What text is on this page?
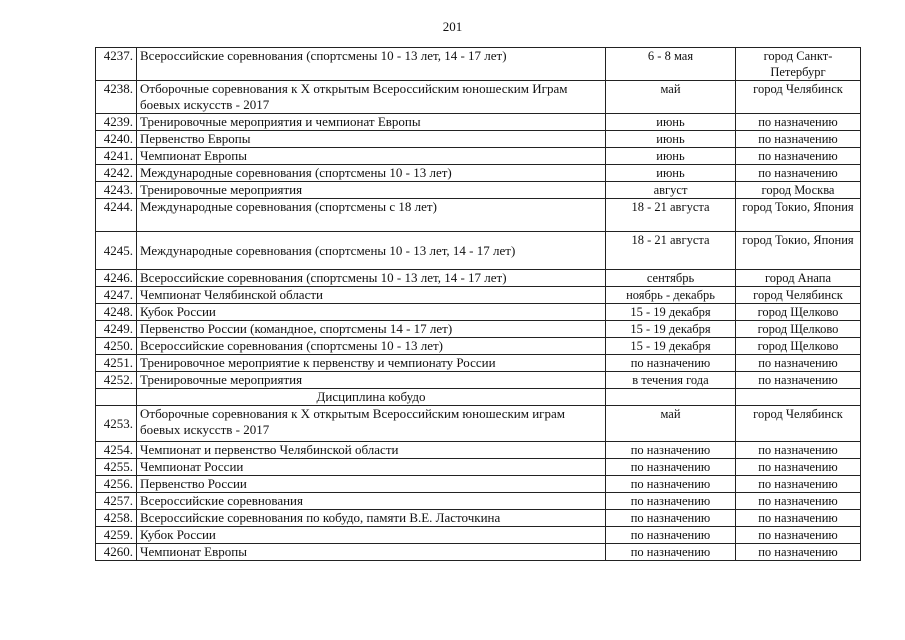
201
4237.	Всероссийские соревнования (спортсмены 10 - 13 лет, 14 - 17 лет)	6 - 8 мая	город Санкт-Петербург
4238.	Отборочные соревнования к X открытым Всероссийским юношеским Играм боевых искусств - 2017	май	город Челябинск
4239.	Тренировочные мероприятия и чемпионат Европы	июнь	по назначению
4240.	Первенство Европы	июнь	по назначению
4241.	Чемпионат Европы	июнь	по назначению
4242.	Международные соревнования (спортсмены 10 - 13 лет)	июнь	по назначению
4243.	Тренировочные мероприятия	август	город Москва
4244.	Международные соревнования (спортсмены с 18 лет)	18 - 21 августа	город Токио, Япония
4245.	Международные соревнования (спортсмены 10 - 13 лет, 14 - 17 лет)	18 - 21 августа	город Токио, Япония
4246.	Всероссийские соревнования (спортсмены 10 - 13 лет, 14 - 17 лет)	сентябрь	город Анапа
4247.	Чемпионат Челябинской области	ноябрь - декабрь	город Челябинск
4248.	Кубок России	15 - 19 декабря	город Щелково
4249.	Первенство России (командное, спортсмены 14 - 17 лет)	15 - 19 декабря	город Щелково
4250.	Всероссийские соревнования (спортсмены 10 - 13 лет)	15 - 19 декабря	город Щелково
4251.	Тренировочное мероприятие к первенству и чемпионату России	по назначению	по назначению
4252.	Тренировочные мероприятия	в течения года	по назначению
	Дисциплина кобудо		
4253.	Отборочные соревнования к X открытым Всероссийским юношеским играм боевых искусств - 2017	май	город Челябинск
4254.	Чемпионат и первенство Челябинской области	по назначению	по назначению
4255.	Чемпионат России	по назначению	по назначению
4256.	Первенство России	по назначению	по назначению
4257.	Всероссийские соревнования	по назначению	по назначению
4258.	Всероссийские соревнования по кобудо, памяти В.Е. Ласточкина	по назначению	по назначению
4259.	Кубок России	по назначению	по назначению
4260.	Чемпионат Европы	по назначению	по назначению
